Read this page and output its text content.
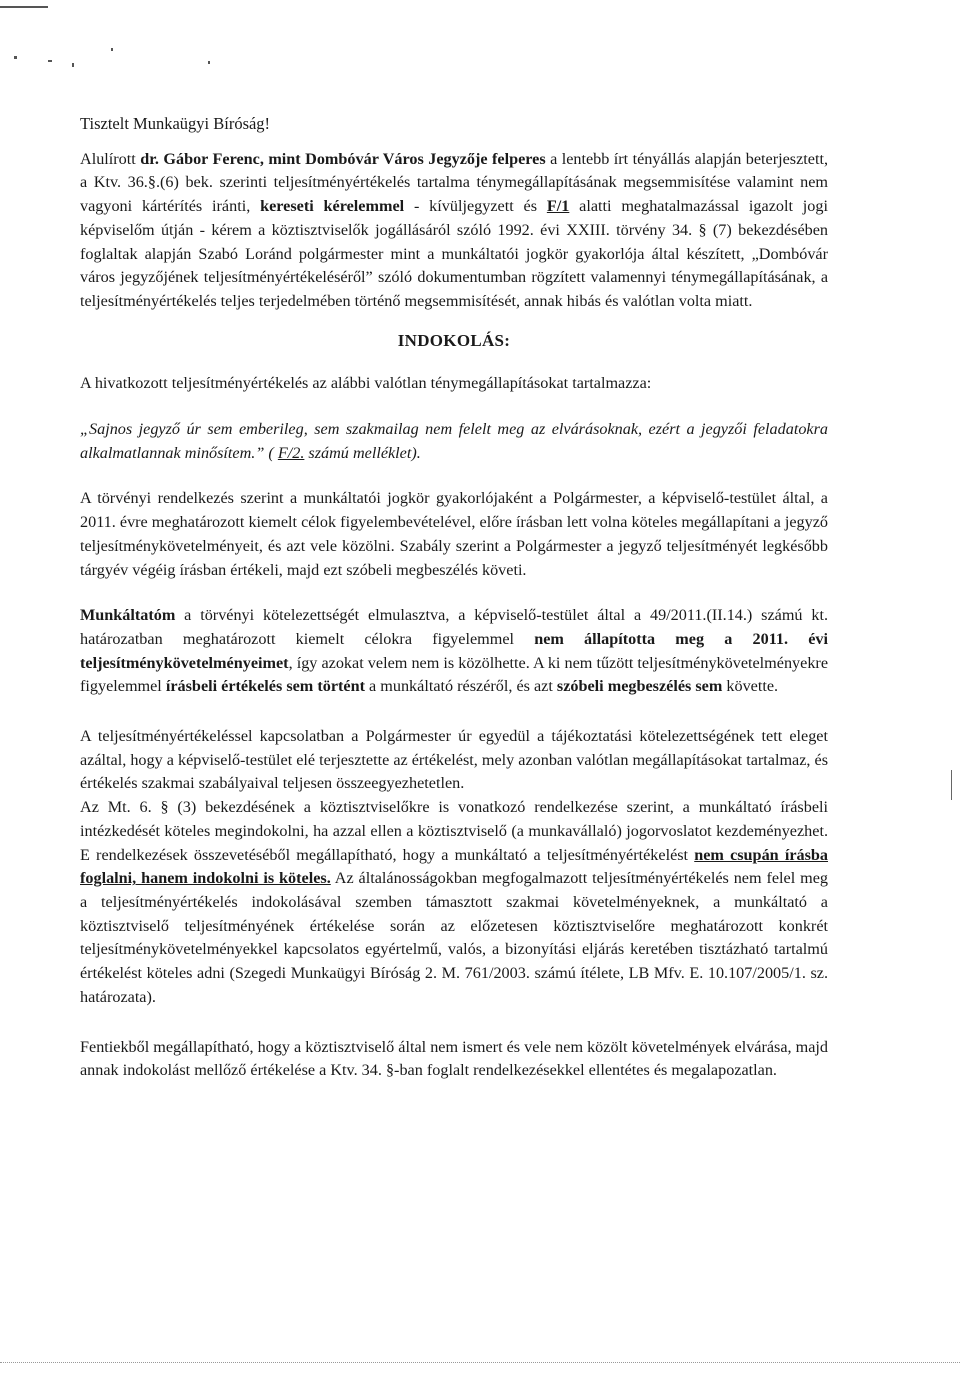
Tisztelt Munkaügyi Bíróság!

Alulírott dr. Gábor Ferenc, mint Dombóvár Város Jegyzője felperes a lentebb írt tényállás alapján beterjesztett, a Ktv. 36.§.(6) bek. szerinti teljesítményértékelés tartalma ténymegállapításának megsemmisítése valamint nem vagyoni kártérítés iránti, kereseti kérelemmel - kívüljegyzett és F/1 alatti meghatalmazással igazolt jogi képviselőm útján - kérem a köztisztviselők jogállásáról szóló 1992. évi XXIII. törvény 34. § (7) bekezdésében foglaltak alapján Szabó Loránd polgármester mint a munkáltatói jogkör gyakorlója által készített, „Dombóvár város jegyzőjének teljesítményértékeléséről” szóló dokumentumban rögzített valamennyi ténymegállapításának, a teljesítményértékelés teljes terjedelmében történő megsemmisítését, annak hibás és valótlan volta miatt.

INDOKOLÁS:

A hivatkozott teljesítményértékelés az alábbi valótlan ténymegállapításokat tartalmazza:

„Sajnos jegyző úr sem emberileg, sem szakmailag nem felelt meg az elvárásoknak, ezért a jegyzői feladatokra alkalmatlannak minősítem.” ( F/2. számú melléklet).

A törvényi rendelkezés szerint a munkáltatói jogkör gyakorlójaként a Polgármester, a képviselő-testület által, a 2011. évre meghatározott kiemelt célok figyelembevételével, előre írásban lett volna köteles megállapítani a jegyző teljesítménykövetelményeit, és azt vele közölni. Szabály szerint a Polgármester a jegyző teljesítményét legkésőbb tárgyév végéig írásban értékeli, majd ezt szóbeli megbeszélés követi.

Munkáltatóm a törvényi kötelezettségét elmulasztva, a képviselő-testület által a 49/2011.(II.14.) számú kt. határozatban meghatározott kiemelt célokra figyelemmel nem állapította meg a 2011. évi teljesítménykövetelményeimet, így azokat velem nem is közölhette. A ki nem tűzött teljesítménykövetelményekre figyelemmel írásbeli értékelés sem történt a munkáltató részéről, és azt szóbeli megbeszélés sem követte.

A teljesítményértékeléssel kapcsolatban a Polgármester úr egyedül a tájékoztatási kötelezettségének tett eleget azáltal, hogy a képviselő-testület elé terjesztette az értékelést, mely azonban valótlan megállapításokat tartalmaz, és értékelés szakmai szabályaival teljesen összeegyezhetetlen.

Az Mt. 6. § (3) bekezdésének a köztisztviselőkre is vonatkozó rendelkezése szerint, a munkáltató írásbeli intézkedését köteles megindokolni, ha azzal ellen a köztisztviselő (a munkavállaló) jogorvoslatot kezdeményezhet. E rendelkezések összevetéséből megállapítható, hogy a munkáltató a teljesítményértékelést nem csupán írásba foglalni, hanem indokolni is köteles. Az általánosságokban megfogalmazott teljesítményértékelés nem felel meg a teljesítményértékelés indokolásával szemben támasztott szakmai követelményeknek, a munkáltató a köztisztviselő teljesítményének értékelése során az előzetesen köztisztviselőre meghatározott konkrét teljesítménykövetelményekkel kapcsolatos egyértelmű, valós, a bizonyítási eljárás keretében tisztázható tartalmú értékelést köteles adni (Szegedi Munkaügyi Bíróság 2. M. 761/2003. számú ítélete, LB Mfv. E. 10.107/2005/1. sz. határozata).

Fentiekből megállapítható, hogy a köztisztviselő által nem ismert és vele nem közölt követelmények elvárása, majd annak indokolást mellőző értékelése a Ktv. 34. §-ban foglalt rendelkezésekkel ellentétes és megalapozatlan.
